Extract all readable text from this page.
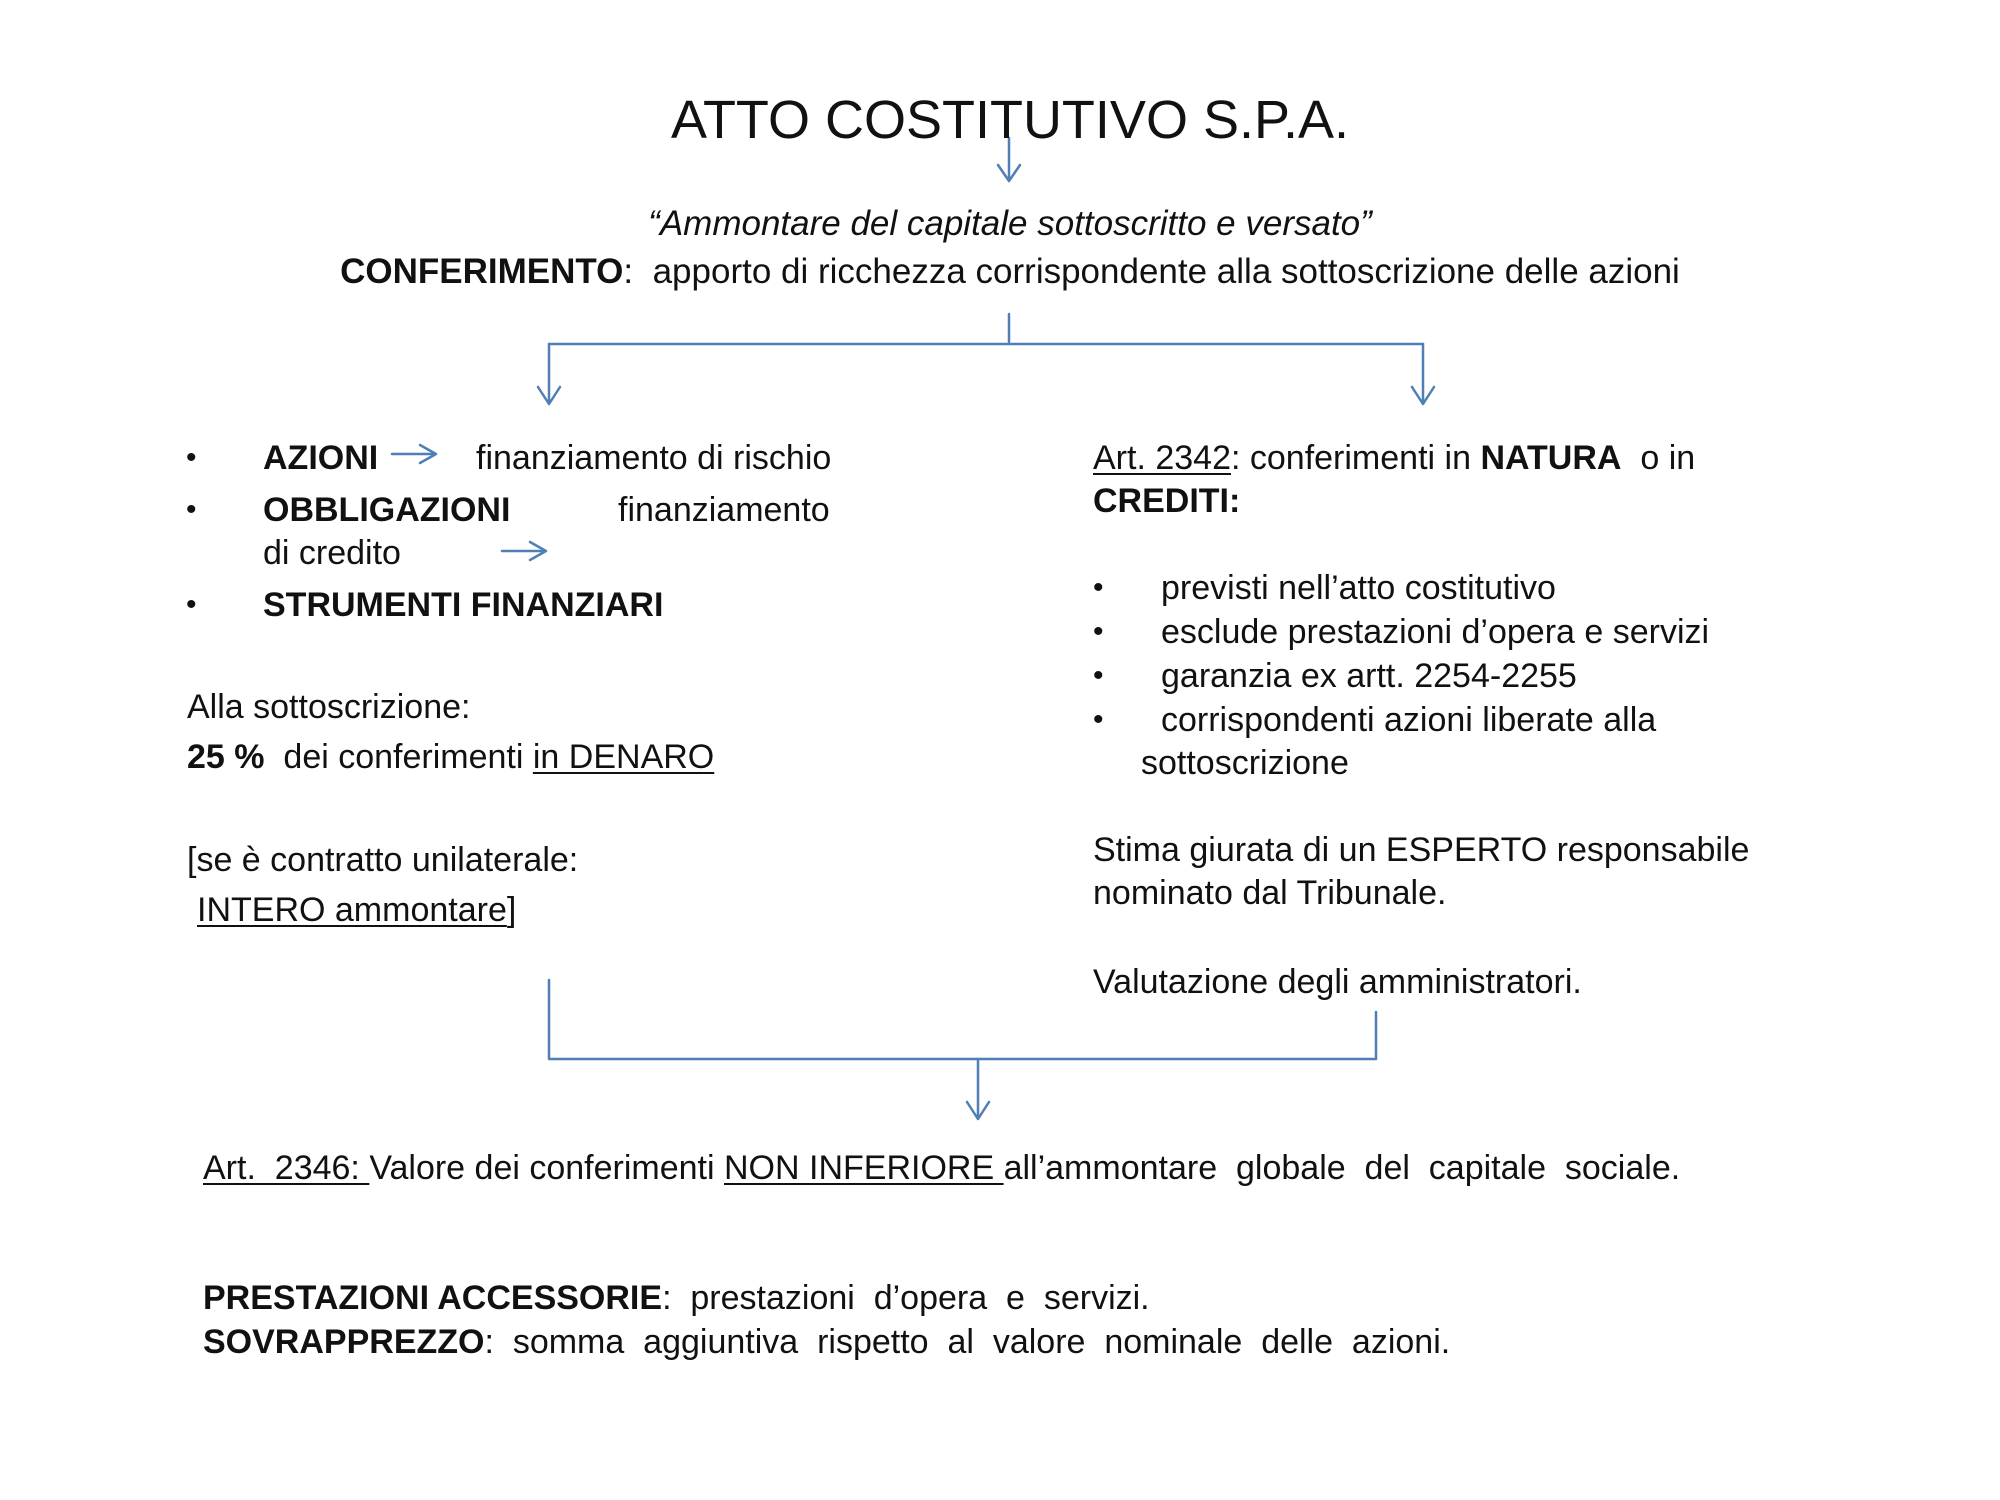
ATTO COSTITUTIVO S.P.A.
“Ammontare del capitale sottoscritto e versato”
CONFERIMENTO: apporto di ricchezza corrispondente alla sottoscrizione delle azioni
• AZIONI	finanziamento di rischio
• OBBLIGAZIONI	finanziamento
di credito
• STRUMENTI FINANZIARI
Alla sottoscrizione:
25 % dei conferimenti in DENARO
[se è contratto unilaterale:
INTERO ammontare]
Art. 2342: conferimenti in NATURA o in
CREDITI:
• previsti nell’atto costitutivo
• esclude prestazioni d’opera e servizi
• garanzia ex artt. 2254-2255
• corrispondenti azioni liberate alla
sottoscrizione
Stima giurata di un ESPERTO responsabile
nominato dal Tribunale.
Valutazione degli amministratori.
Art.  2346: Valore dei conferimenti NON INFERIORE all’ammontare  globale  del  capitale  sociale.
PRESTAZIONI ACCESSORIE:  prestazioni  d’opera  e  servizi.
SOVRAPPREZZO:  somma  aggiuntiva  rispetto  al  valore  nominale  delle  azioni.
